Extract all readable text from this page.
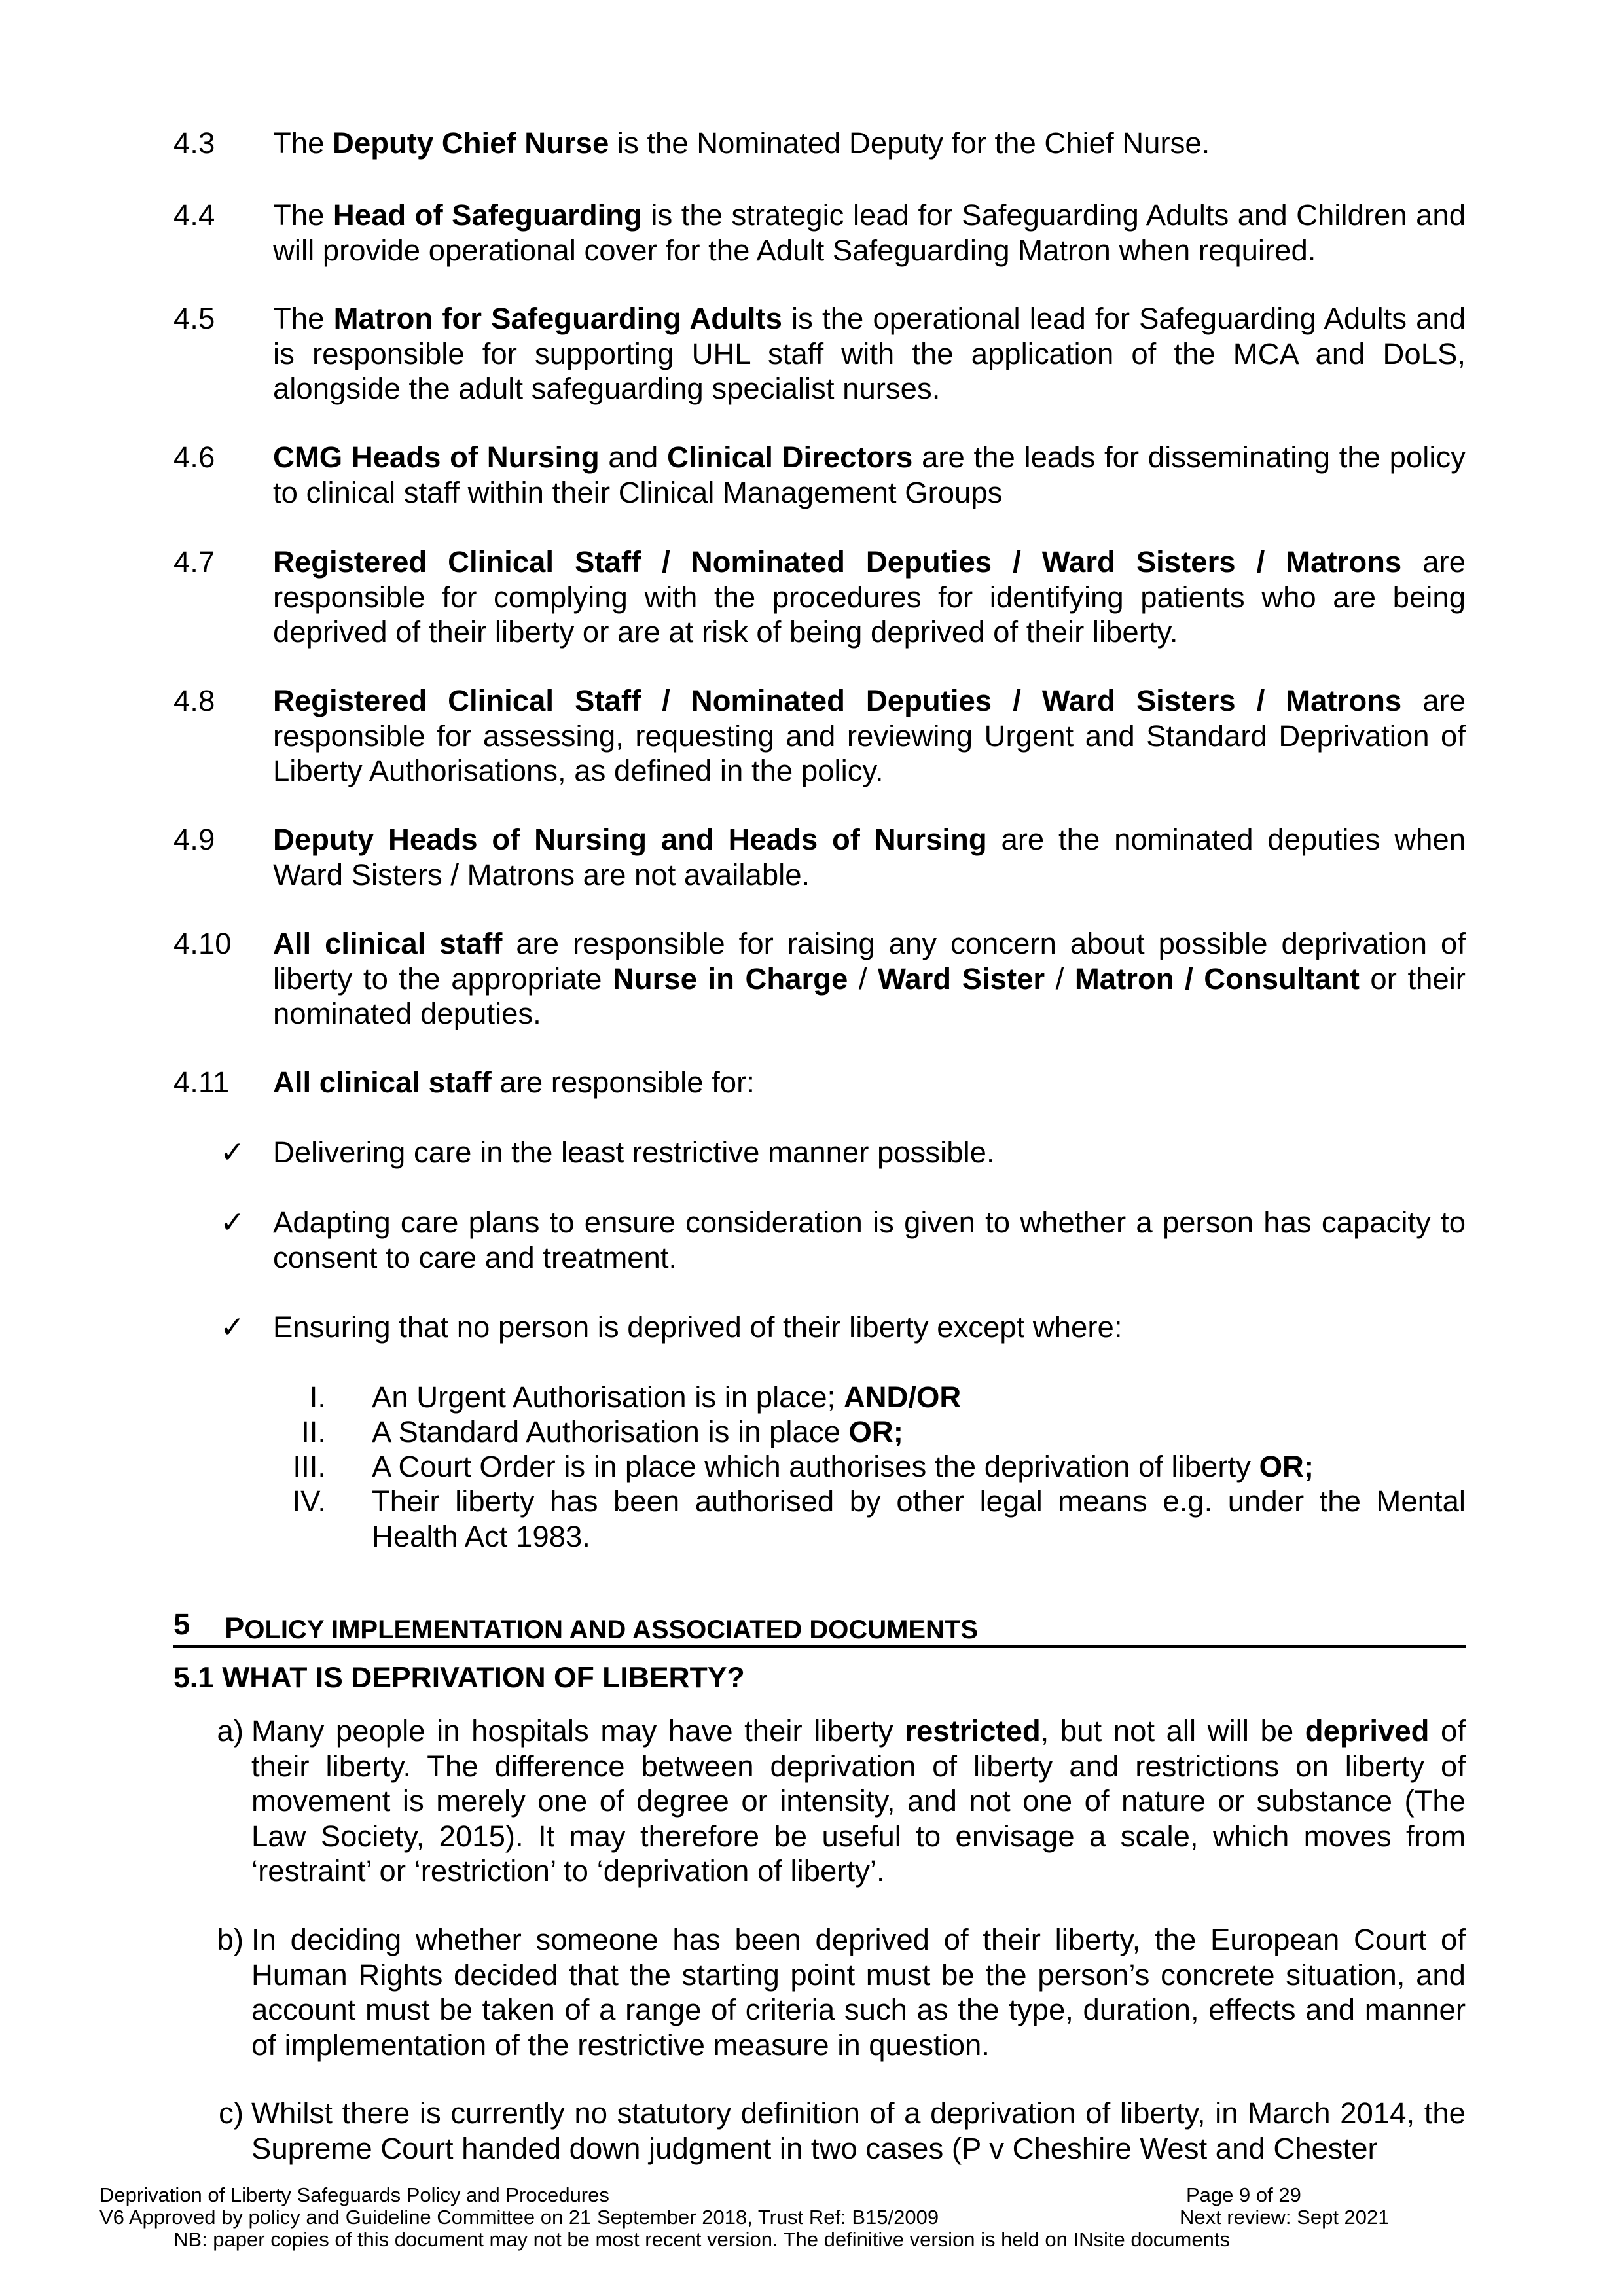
4.3 The Deputy Chief Nurse is the Nominated Deputy for the Chief Nurse.
4.4 The Head of Safeguarding is the strategic lead for Safeguarding Adults and Children and will provide operational cover for the Adult Safeguarding Matron when required.
4.5 The Matron for Safeguarding Adults is the operational lead for Safeguarding Adults and is responsible for supporting UHL staff with the application of the MCA and DoLS, alongside the adult safeguarding specialist nurses.
4.6 CMG Heads of Nursing and Clinical Directors are the leads for disseminating the policy to clinical staff within their Clinical Management Groups
4.7 Registered Clinical Staff / Nominated Deputies / Ward Sisters / Matrons are responsible for complying with the procedures for identifying patients who are being deprived of their liberty or are at risk of being deprived of their liberty.
4.8 Registered Clinical Staff / Nominated Deputies / Ward Sisters / Matrons are responsible for assessing, requesting and reviewing Urgent and Standard Deprivation of Liberty Authorisations, as defined in the policy.
4.9 Deputy Heads of Nursing and Heads of Nursing are the nominated deputies when Ward Sisters / Matrons are not available.
4.10 All clinical staff are responsible for raising any concern about possible deprivation of liberty to the appropriate Nurse in Charge / Ward Sister / Matron / Consultant or their nominated deputies.
4.11 All clinical staff are responsible for:
✓ Delivering care in the least restrictive manner possible.
✓ Adapting care plans to ensure consideration is given to whether a person has capacity to consent to care and treatment.
✓ Ensuring that no person is deprived of their liberty except where:
I. An Urgent Authorisation is in place; AND/OR
II. A Standard Authorisation is in place OR;
III. A Court Order is in place which authorises the deprivation of liberty OR;
IV. Their liberty has been authorised by other legal means e.g. under the Mental Health Act 1983.
5 POLICY IMPLEMENTATION AND ASSOCIATED DOCUMENTS
5.1 WHAT IS DEPRIVATION OF LIBERTY?
a) Many people in hospitals may have their liberty restricted, but not all will be deprived of their liberty. The difference between deprivation of liberty and restrictions on liberty of movement is merely one of degree or intensity, and not one of nature or substance (The Law Society, 2015). It may therefore be useful to envisage a scale, which moves from ‘restraint’ or ‘restriction’ to ‘deprivation of liberty’.
b) In deciding whether someone has been deprived of their liberty, the European Court of Human Rights decided that the starting point must be the person’s concrete situation, and account must be taken of a range of criteria such as the type, duration, effects and manner of implementation of the restrictive measure in question.
c) Whilst there is currently no statutory definition of a deprivation of liberty, in March 2014, the Supreme Court handed down judgment in two cases (P v Cheshire West and Chester
Deprivation of Liberty Safeguards Policy and Procedures	Page 9 of 29
V6 Approved by policy and Guideline Committee on 21 September 2018, Trust Ref: B15/2009	Next review: Sept 2021
NB: paper copies of this document may not be most recent version. The definitive version is held on INsite documents
